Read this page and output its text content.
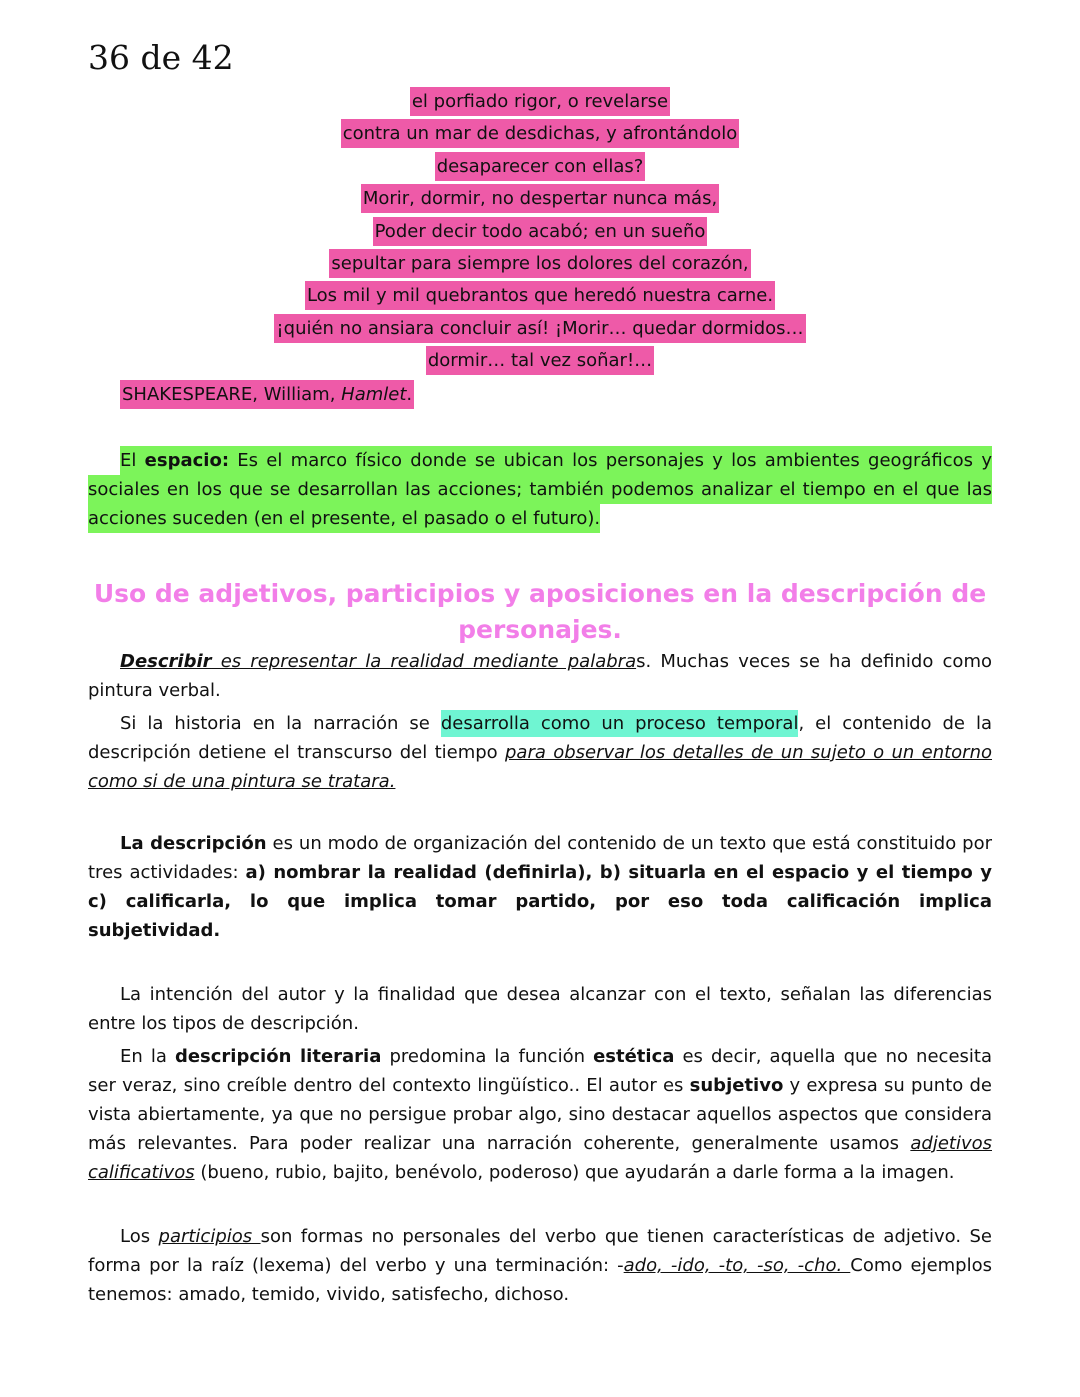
36 de 42
el porfiado rigor, o revelarse
contra un mar de desdichas, y afrontándolo
desaparecer con ellas?
Morir, dormir, no despertar nunca más,
Poder decir todo acabó; en un sueño
sepultar para siempre los dolores del corazón,
Los mil y mil quebrantos que heredó nuestra carne.
¡quién no ansiara concluir así! ¡Morir… quedar dormidos…
dormir… tal vez soñar!…
SHAKESPEARE, William, Hamlet.

El espacio: Es el marco físico donde se ubican los personajes y los ambientes geográficos y sociales en los que se desarrollan las acciones; también podemos analizar el tiempo en el que las acciones suceden (en el presente, el pasado o el futuro).

Uso de adjetivos, participios y aposiciones en la descripción de personajes.

Describir es representar la realidad mediante palabras. Muchas veces se ha definido como pintura verbal.

Si la historia en la narración se desarrolla como un proceso temporal, el contenido de la descripción detiene el transcurso del tiempo para observar los detalles de un sujeto o un entorno como si de una pintura se tratara.

La descripción es un modo de organización del contenido de un texto que está constituido por tres actividades: a) nombrar la realidad (definirla), b) situarla en el espacio y el tiempo y c) calificarla, lo que implica tomar partido, por eso toda calificación implica subjetividad.

La intención del autor y la finalidad que desea alcanzar con el texto, señalan las diferencias entre los tipos de descripción.

En la descripción literaria predomina la función estética es decir, aquella que no necesita ser veraz, sino creíble dentro del contexto lingüístico.. El autor es subjetivo y expresa su punto de vista abiertamente, ya que no persigue probar algo, sino destacar aquellos aspectos que considera más relevantes. Para poder realizar una narración coherente, generalmente usamos adjetivos calificativos (bueno, rubio, bajito, benévolo, poderoso) que ayudarán a darle forma a la imagen.

Los participios son formas no personales del verbo que tienen características de adjetivo. Se forma por la raíz (lexema) del verbo y una terminación: -ado, -ido, -to, -so, -cho. Como ejemplos tenemos: amado, temido, vivido, satisfecho, dichoso.
